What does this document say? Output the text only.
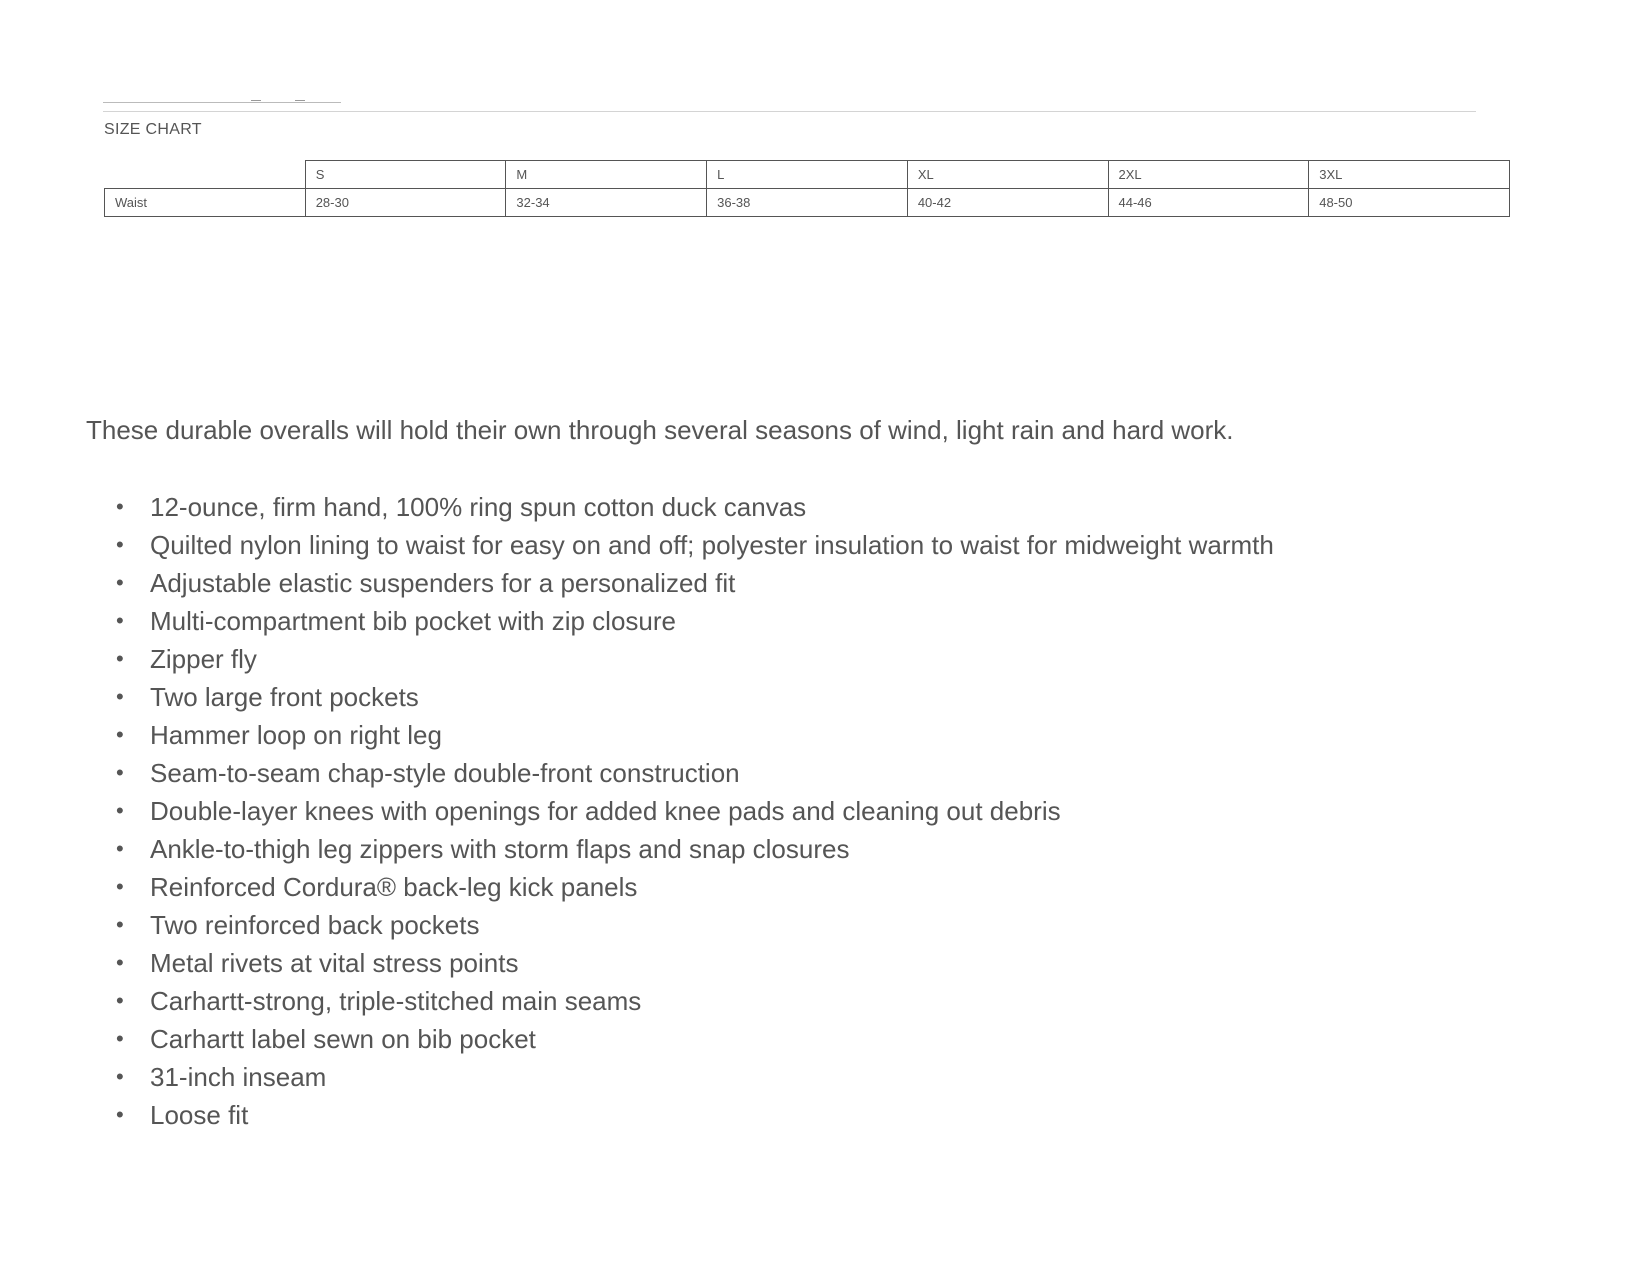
SIZE CHART
	S	M	L	XL	2XL	3XL
Waist	28-30	32-34	36-38	40-42	44-46	48-50

These durable overalls will hold their own through several seasons of wind, light rain and hard work.

• 12-ounce, firm hand, 100% ring spun cotton duck canvas
• Quilted nylon lining to waist for easy on and off; polyester insulation to waist for midweight warmth
• Adjustable elastic suspenders for a personalized fit
• Multi-compartment bib pocket with zip closure
• Zipper fly
• Two large front pockets
• Hammer loop on right leg
• Seam-to-seam chap-style double-front construction
• Double-layer knees with openings for added knee pads and cleaning out debris
• Ankle-to-thigh leg zippers with storm flaps and snap closures
• Reinforced Cordura® back-leg kick panels
• Two reinforced back pockets
• Metal rivets at vital stress points
• Carhartt-strong, triple-stitched main seams
• Carhartt label sewn on bib pocket
• 31-inch inseam
• Loose fit
